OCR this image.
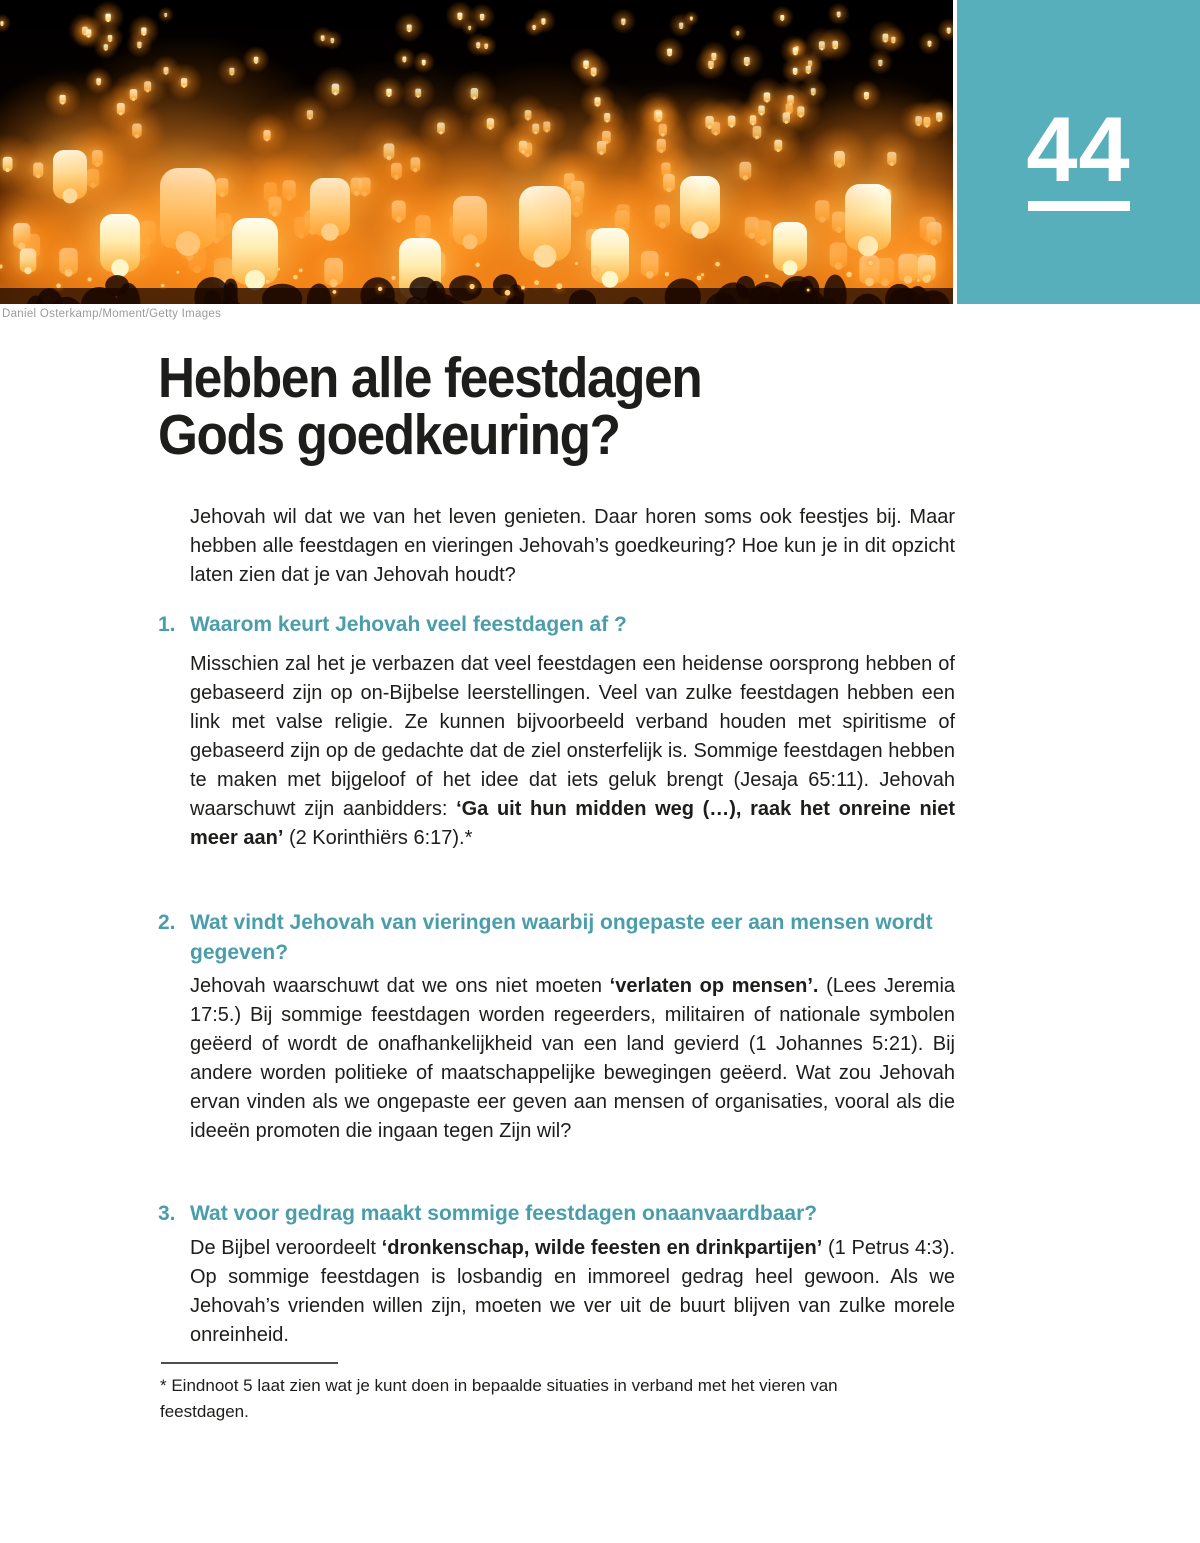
44
Daniel Osterkamp/Moment/Getty Images
Hebben alle feestdagen
Gods goedkeuring?

Jehovah wil dat we van het leven genieten. Daar horen soms ook feestjes bij. Maar hebben alle feestdagen en vieringen Jehovah’s goedkeuring? Hoe kun je in dit opzicht laten zien dat je van Jehovah houdt?

1. Waarom keurt Jehovah veel feestdagen af ?

Misschien zal het je verbazen dat veel feestdagen een heidense oorsprong hebben of gebaseerd zijn op on-Bijbelse leerstellingen. Veel van zulke feestdagen hebben een link met valse religie. Ze kunnen bijvoorbeeld verband houden met spiritisme of gebaseerd zijn op de gedachte dat de ziel onsterfelijk is. Sommige feestdagen hebben te maken met bijgeloof of het idee dat iets geluk brengt (Jesaja 65:11). Jehovah waarschuwt zijn aanbidders: ‘Ga uit hun midden weg (…), raak het onreine niet meer aan’ (2 Korinthiërs 6:17).*

2. Wat vindt Jehovah van vieringen waarbij ongepaste eer aan mensen wordt gegeven?

Jehovah waarschuwt dat we ons niet moeten ‘verlaten op mensen’. (Lees Jeremia 17:5.) Bij sommige feestdagen worden regeerders, militairen of nationale symbolen geëerd of wordt de onafhankelijkheid van een land gevierd (1 Johannes 5:21). Bij andere worden politieke of maatschappelijke bewegingen geëerd. Wat zou Jehovah ervan vinden als we ongepaste eer geven aan mensen of organisaties, vooral als die ideeën promoten die ingaan tegen Zijn wil?

3. Wat voor gedrag maakt sommige feestdagen onaanvaardbaar?

De Bijbel veroordeelt ‘dronkenschap, wilde feesten en drinkpartijen’ (1 Petrus 4:3). Op sommige feestdagen is losbandig en immoreel gedrag heel gewoon. Als we Jehovah’s vrienden willen zijn, moeten we ver uit de buurt blijven van zulke morele onreinheid.

* Eindnoot 5 laat zien wat je kunt doen in bepaalde situaties in verband met het vieren van feestdagen.
